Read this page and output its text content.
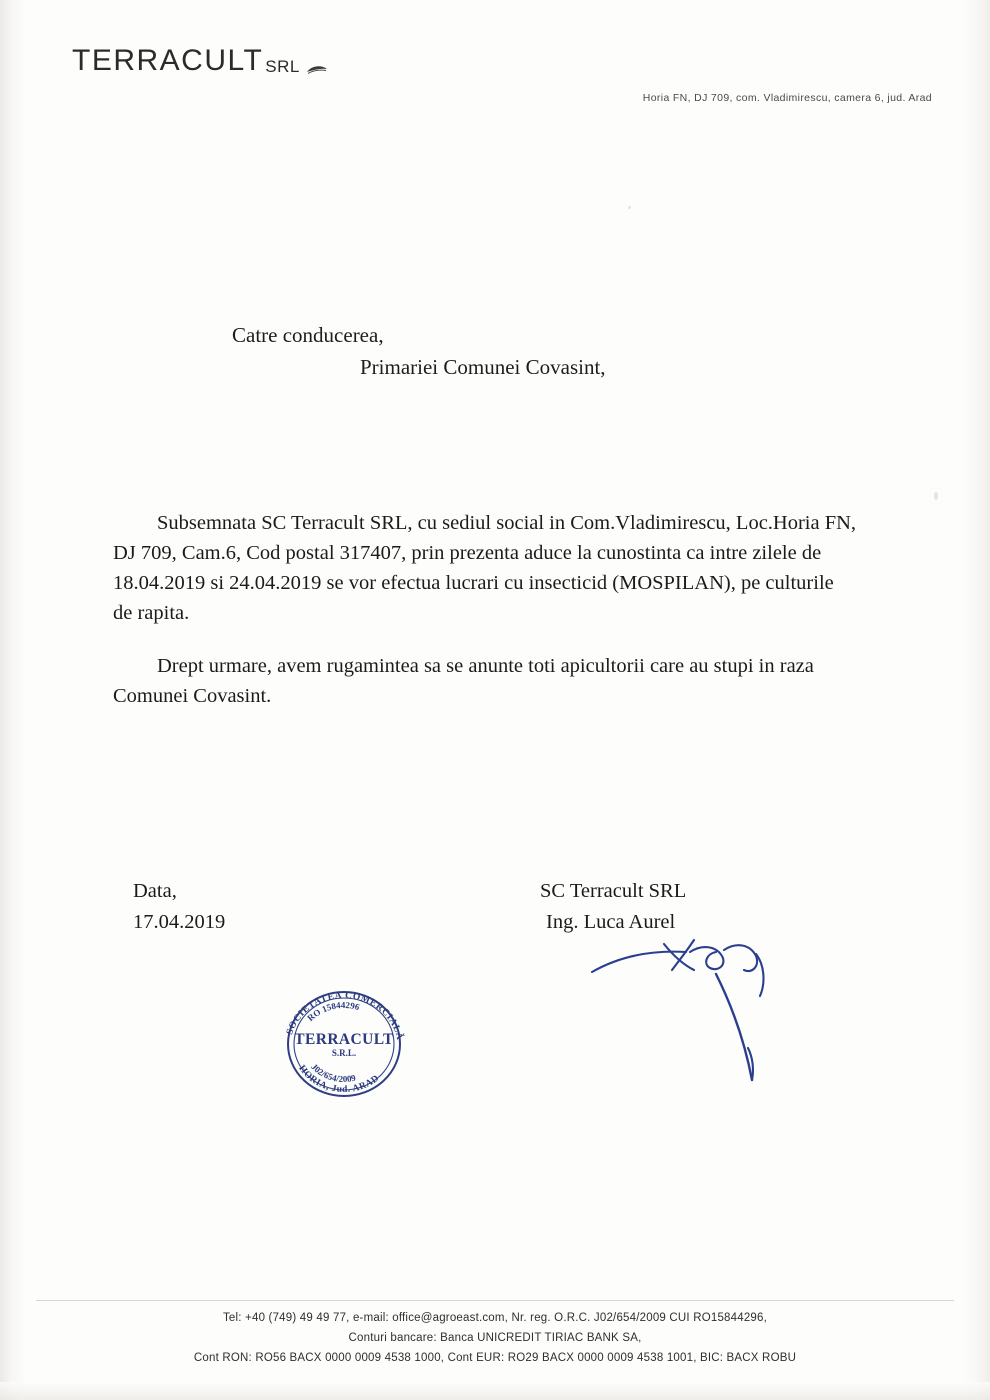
TERRACULT SRL
Horia FN, DJ 709, com. Vladimirescu, camera 6, jud. Arad
Catre conducerea,
Primariei Comunei Covasint,

Subsemnata SC Terracult SRL, cu sediul social in Com.Vladimirescu, Loc.Horia FN, DJ 709, Cam.6, Cod postal 317407, prin prezenta aduce la cunostinta ca intre zilele de 18.04.2019 si 24.04.2019 se vor efectua lucrari cu insecticid (MOSPILAN), pe culturile de rapita.

Drept urmare, avem rugamintea sa se anunte toti apicultorii care au stupi in raza Comunei Covasint.

Data,
17.04.2019
SC Terracult SRL
Ing. Luca Aurel
SOCIETATEA COMERCIALĂ
RO 15844296
J02/654/2009
HORIA, Jud. ARAD
TERRACULT
S.R.L.
Tel: +40 (749) 49 49 77, e-mail: office@agroeast.com, Nr. reg. O.R.C. J02/654/2009 CUI RO15844296,
Conturi bancare: Banca UNICREDIT TIRIAC BANK SA,
Cont RON: RO56 BACX 0000 0009 4538 1000, Cont EUR: RO29 BACX 0000 0009 4538 1001, BIC: BACX ROBU
